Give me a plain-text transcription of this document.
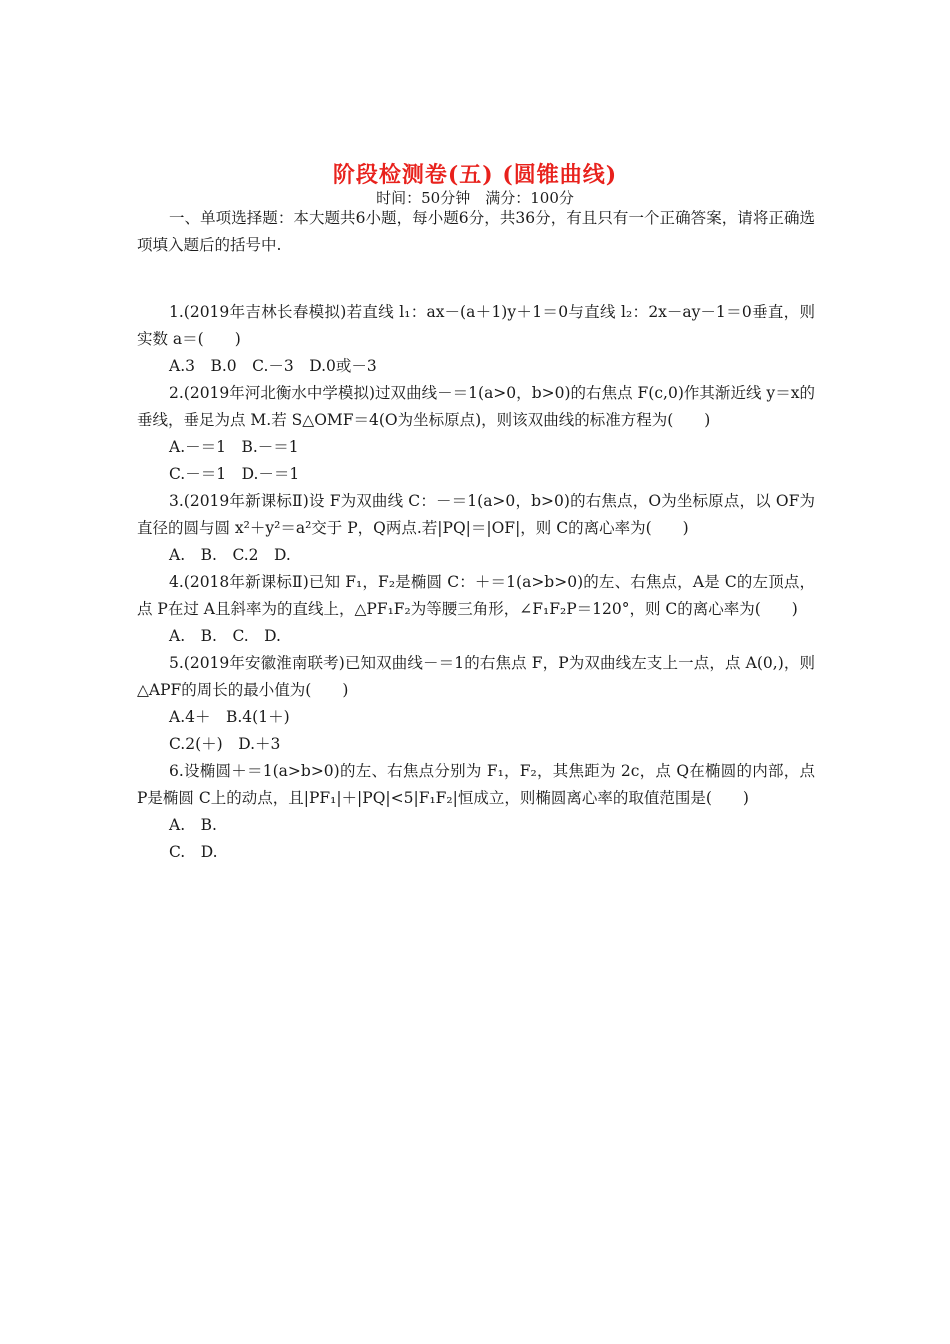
阶段检测卷(五) (圆锥曲线)
时间：50分钟　满分：100分

一、单项选择题：本大题共6小题，每小题6分，共36分，有且只有一个正确答案，请将正确选项填入题后的括号中.

1.(2019年吉林长春模拟)若直线 l₁：ax－(a＋1)y＋1＝0与直线 l₂：2x－ay－1＝0垂直，则实数 a＝(　　)

A.3　B.0　C.－3　D.0或－3

2.(2019年河北衡水中学模拟)过双曲线－＝1(a>0，b>0)的右焦点 F(c,0)作其渐近线 y＝x的垂线，垂足为点 M.若 S△OMF＝4(O为坐标原点)，则该双曲线的标准方程为(　　)

A.－＝1　B.－＝1

C.－＝1　D.－＝1

3.(2019年新课标Ⅱ)设 F为双曲线 C：－＝1(a>0，b>0)的右焦点，O为坐标原点，以 OF为直径的圆与圆 x²＋y²＝a²交于 P，Q两点.若|PQ|＝|OF|，则 C的离心率为(　　)

A.　B.　C.2　D.

4.(2018年新课标Ⅱ)已知 F₁，F₂是椭圆 C：＋＝1(a>b>0)的左、右焦点，A是 C的左顶点，点 P在过 A且斜率为的直线上，△PF₁F₂为等腰三角形，∠F₁F₂P＝120°，则 C的离心率为(　　)

A.　B.　C.　D.

5.(2019年安徽淮南联考)已知双曲线－＝1的右焦点 F，P为双曲线左支上一点，点 A(0,)，则△APF的周长的最小值为(　　)

A.4＋　B.4(1＋)

C.2(＋)　D.＋3

6.设椭圆＋＝1(a>b>0)的左、右焦点分别为 F₁，F₂，其焦距为 2c，点 Q在椭圆的内部，点 P是椭圆 C上的动点，且|PF₁|＋|PQ|<5|F₁F₂|恒成立，则椭圆离心率的取值范围是(　　)

A.　B.

C.　D.
